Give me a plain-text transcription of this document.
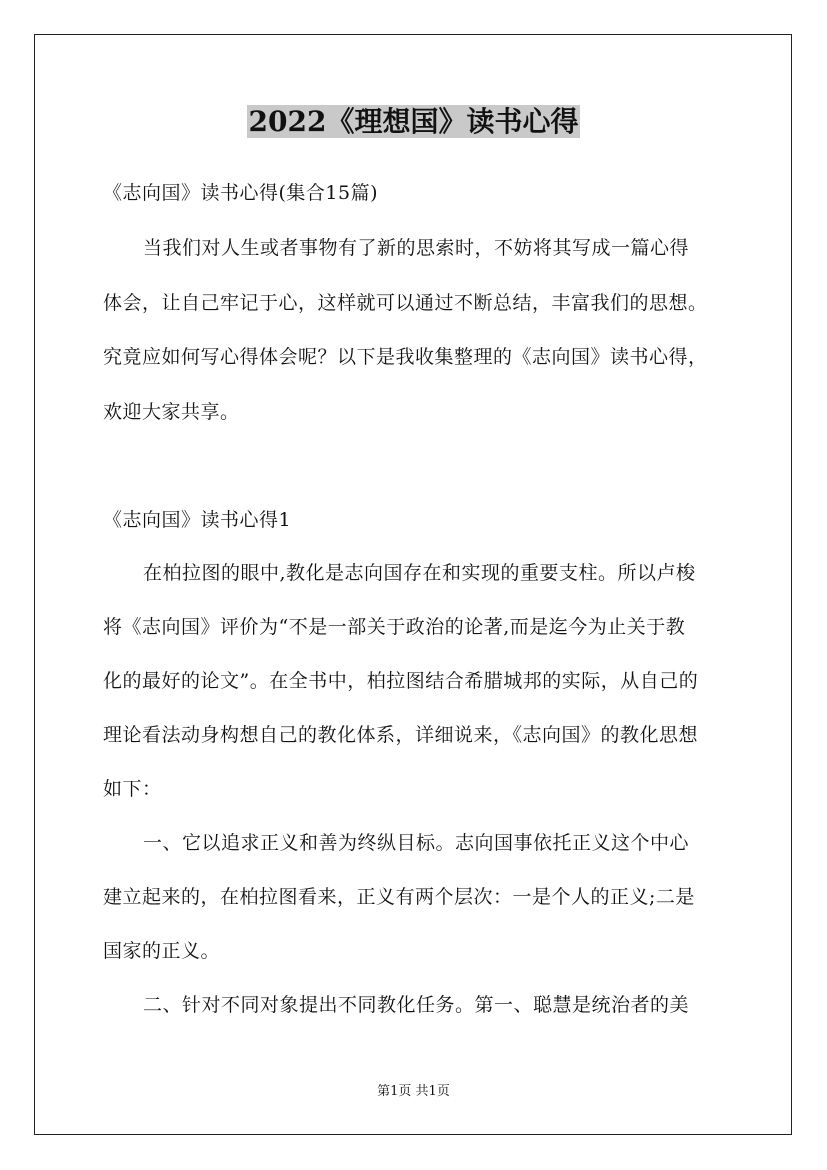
2022《理想国》读书心得
《志向国》读书心得(集合15篇)
当我们对人生或者事物有了新的思索时，不妨将其写成一篇心得
体会，让自己牢记于心，这样就可以通过不断总结，丰富我们的思想。
究竟应如何写心得体会呢？以下是我收集整理的《志向国》读书心得，
欢迎大家共享。
《志向国》读书心得1
在柏拉图的眼中,教化是志向国存在和实现的重要支柱。所以卢梭
将《志向国》评价为“不是一部关于政治的论著,而是迄今为止关于教
化的最好的论文”。在全书中，柏拉图结合希腊城邦的实际，从自己的
理论看法动身构想自己的教化体系，详细说来，《志向国》的教化思想
如下：
一、它以追求正义和善为终纵目标。志向国事依托正义这个中心
建立起来的，在柏拉图看来，正义有两个层次：一是个人的正义;二是
国家的正义。
二、针对不同对象提出不同教化任务。第一、聪慧是统治者的美
第1页 共1页
